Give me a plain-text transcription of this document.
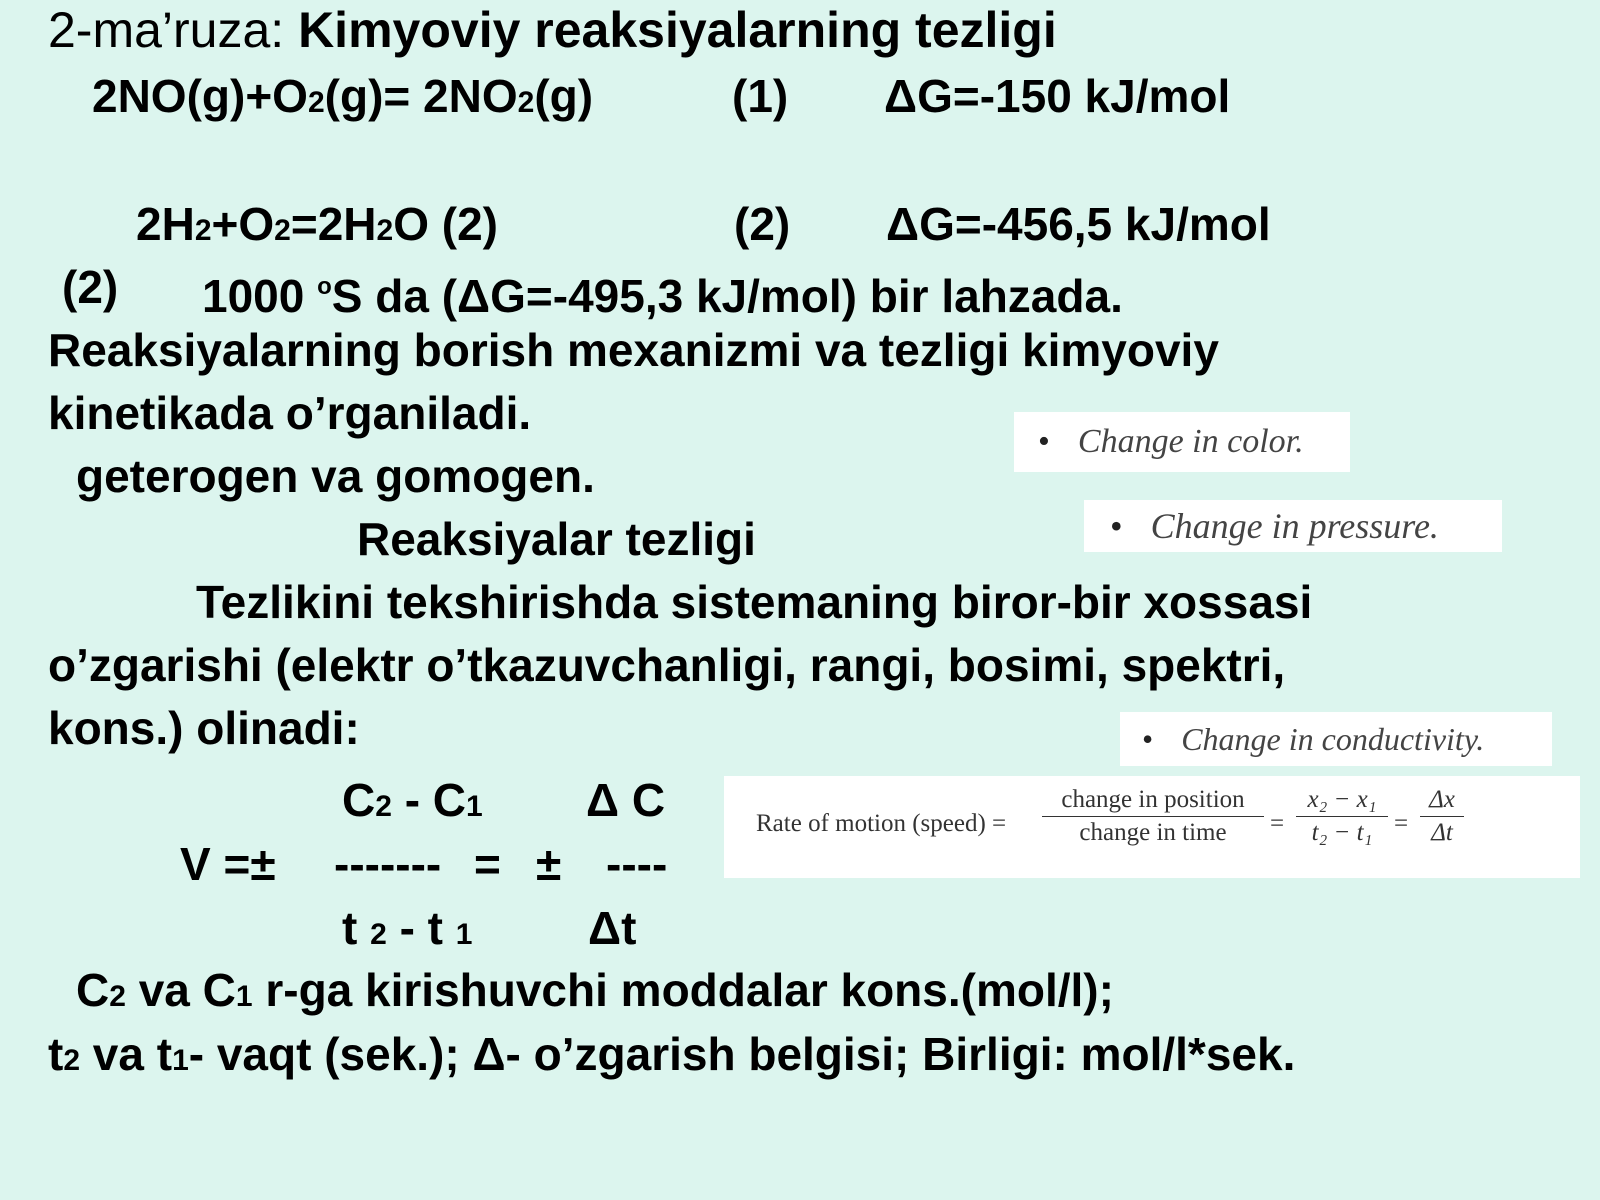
2-ma’ruza: Kimyoviy reaksiyalarning tezligi
2NO(g)+O2(g)= 2NO2(g)	(1) ΔG=-150 kJ/mol
2H2+O2=2H2O (2)	(2) ΔG=-456,5 kJ/mol
(2) 1000 $^o$S da (ΔG=-495,3 kJ/mol) bir lahzada.
Reaksiyalarning borish mexanizmi va tezligi kimyoviy
kinetikada o’rganiladi.
geterogen va gomogen.
Reaksiyalar tezligi
Tezlikini tekshirishda sistemaning biror-bir xossasi
o’zgarishi (elektr o’tkazuvchanligi, rangi, bosimi, spektri,
kons.) olinadi:
C2 - C1 Δ C
V =± ------- = ± ----
t 2 - t 1	Δt
C2 va C1 r-ga kirishuvchi moddalar kons.(mol/l);
t2 va t1- vaqt (sek.); Δ- o’zgarish belgisi; Birligi: mol/l*sek.
• Change in color.
• Change in pressure.
• Change in conductivity.
Rate of motion (speed) =
change in position
change in time	=
x₂ − x₁
t₂ − t₁ =
Δx
Δt
